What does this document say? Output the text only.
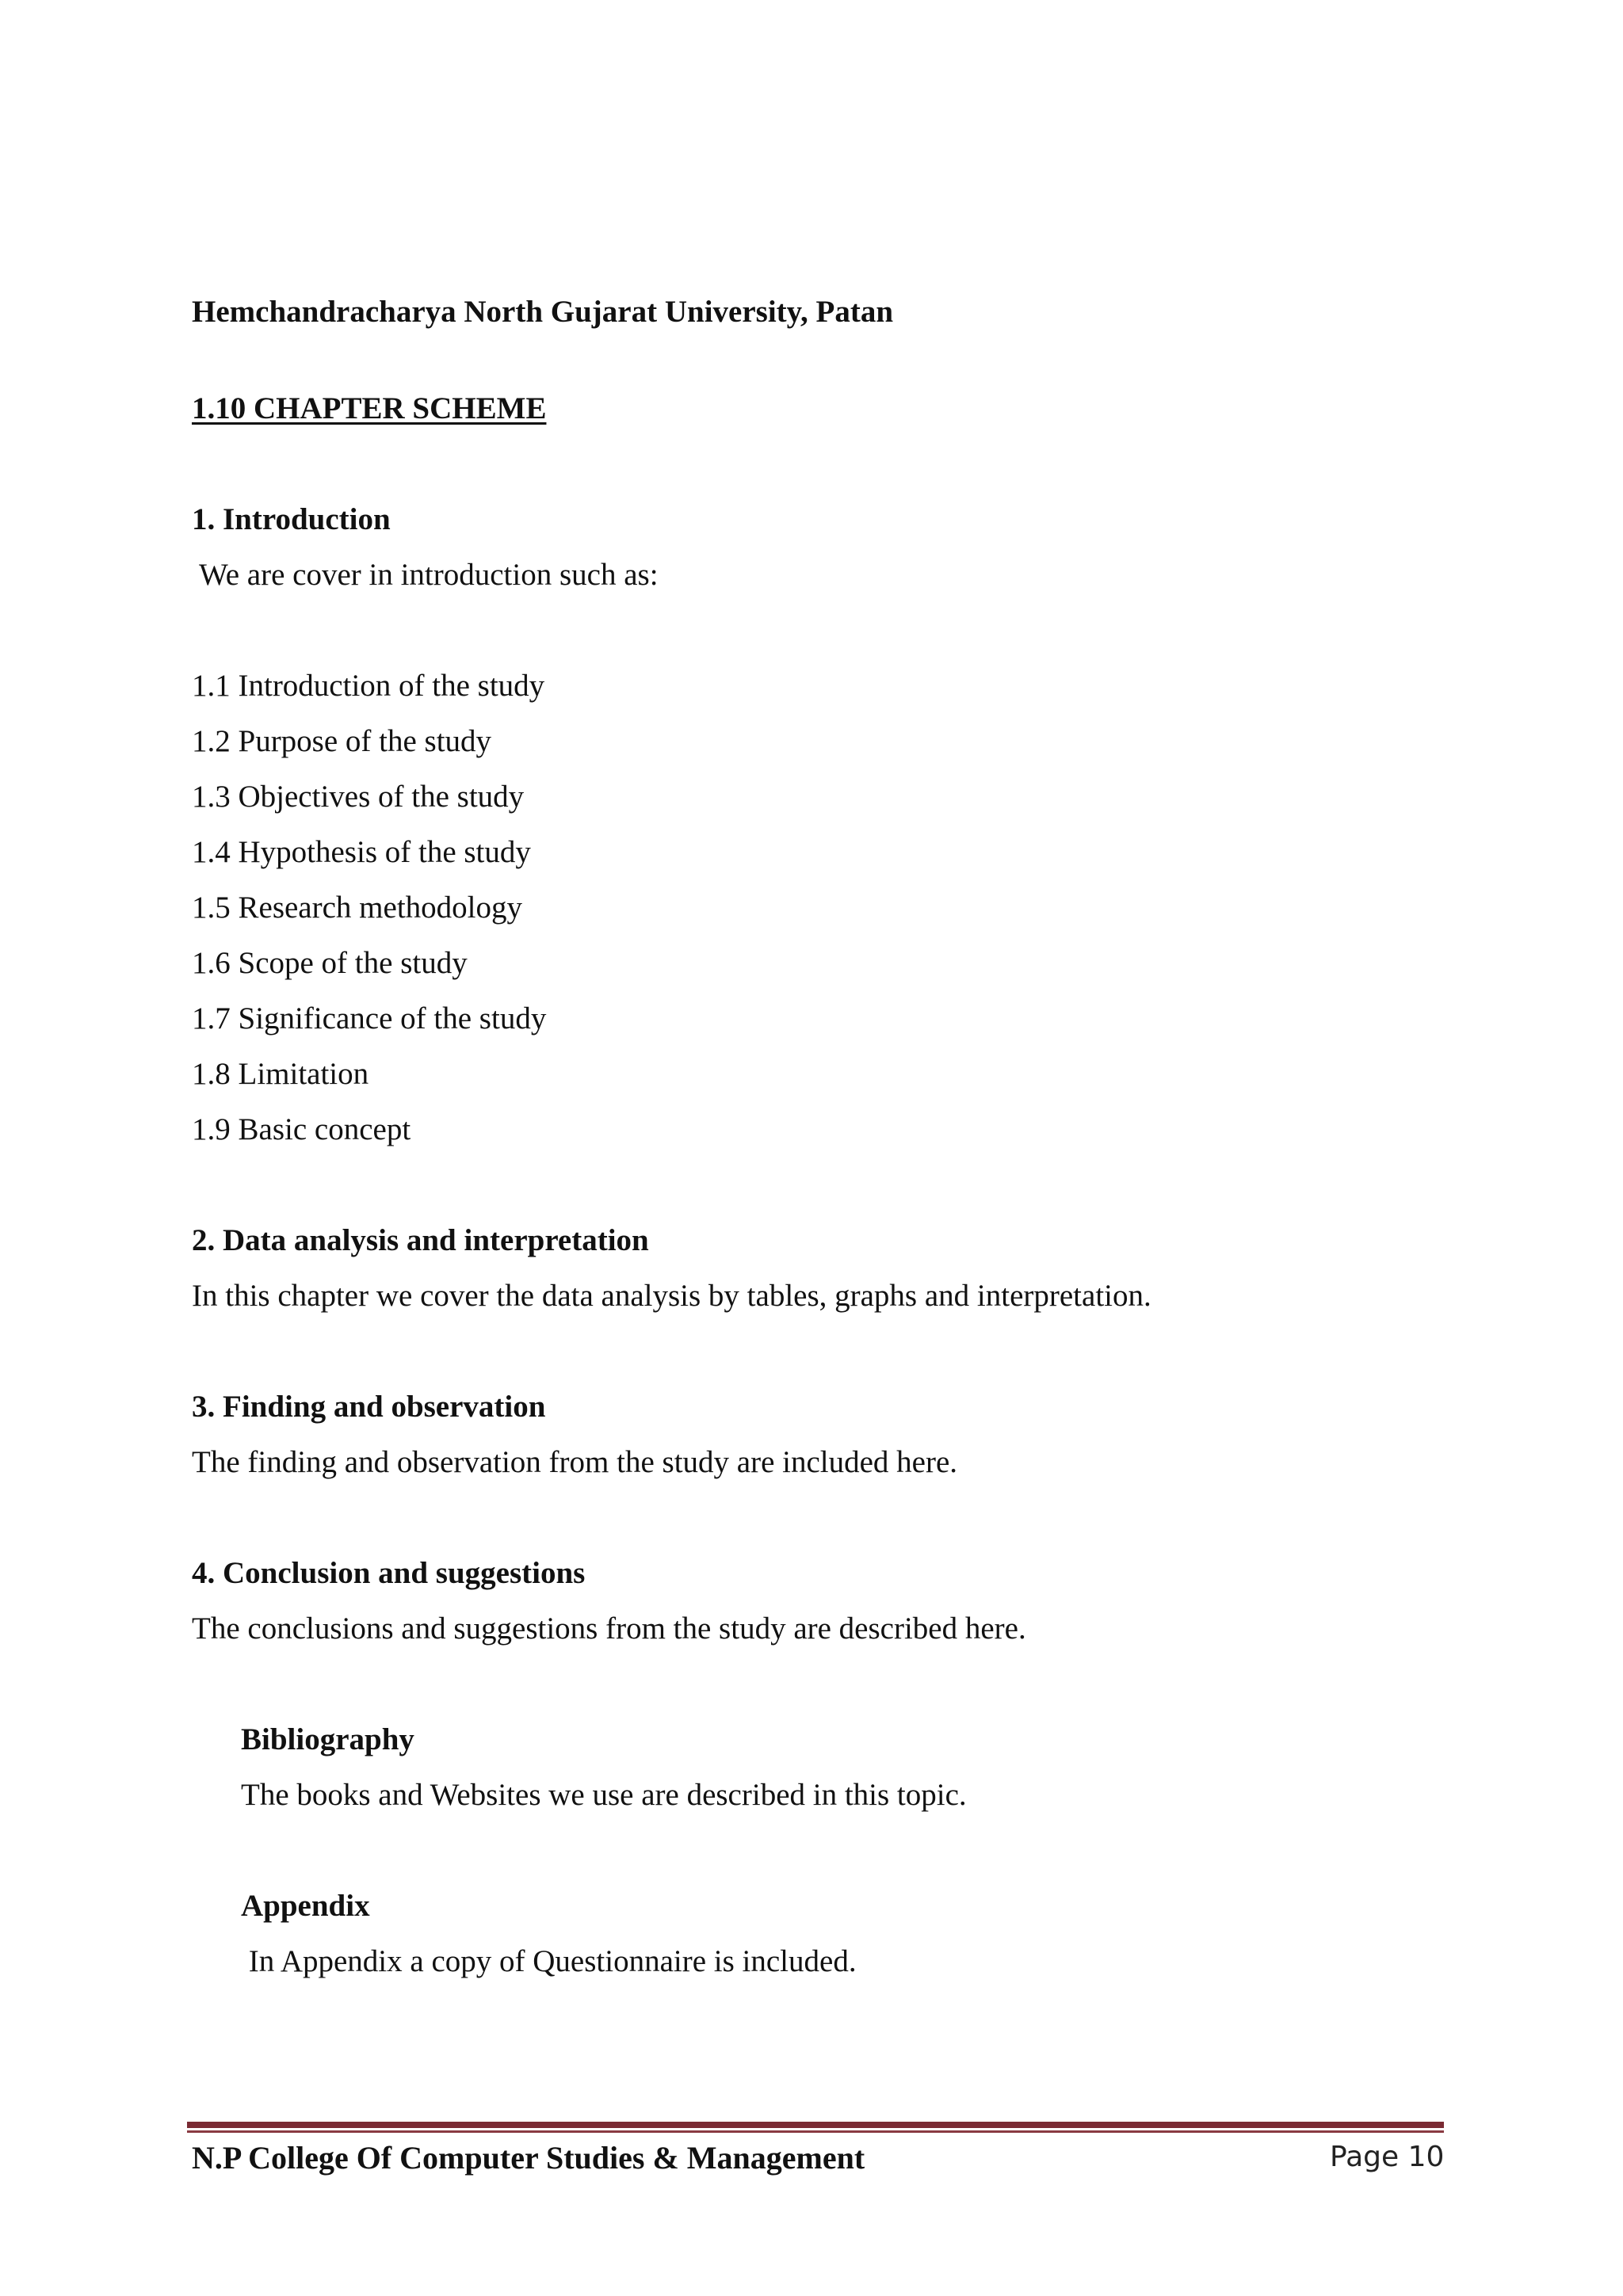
Hemchandracharya North Gujarat University, Patan
1.10 CHAPTER SCHEME
1. Introduction
We are cover in introduction such as:
1.1 Introduction of the study
1.2 Purpose of the study
1.3 Objectives of the study
1.4 Hypothesis of the study
1.5 Research methodology
1.6 Scope of the study
1.7 Significance of the study
1.8 Limitation
1.9 Basic concept
2. Data analysis and interpretation
In this chapter we cover the data analysis by tables, graphs and interpretation.
3. Finding and observation
The finding and observation from the study are included here.
4. Conclusion and suggestions
The conclusions and suggestions from the study are described here.
Bibliography
The books and Websites we use are described in this topic.
Appendix
In Appendix a copy of Questionnaire is included.
N.P College Of Computer Studies & Management	Page 10
